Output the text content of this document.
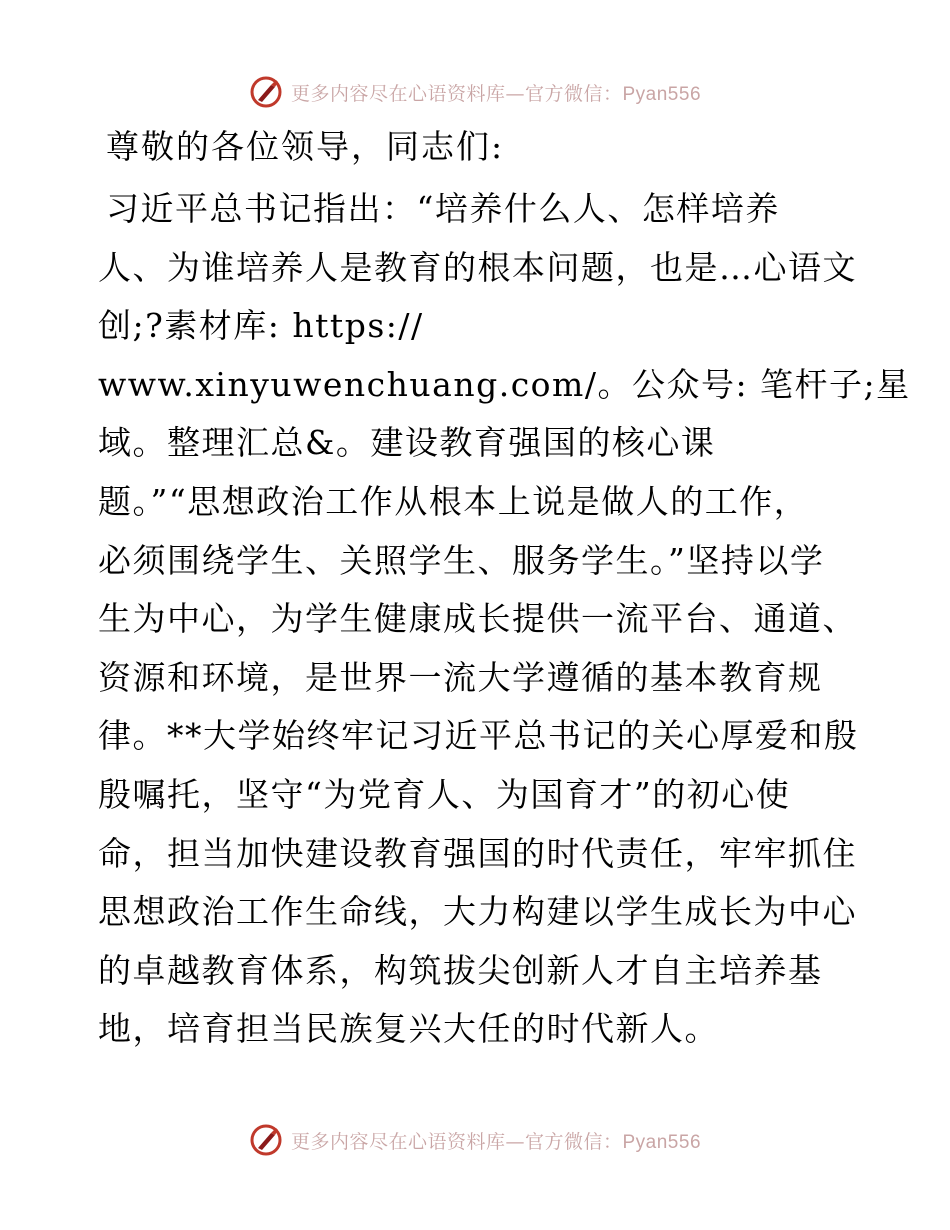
更多内容尽在心语资料库—官方微信：Pyan556

尊敬的各位领导，同志们:

习近平总书记指出：“培养什么人、怎样培养
人、为谁培养人是教育的根本问题，也是…心语文
创;?素材库: https://
www.xinyuwenchuang.com/。公众号: 笔杆子;星
域。整理汇总&。建设教育强国的核心课
题。”“思想政治工作从根本上说是做人的工作，
必须围绕学生、关照学生、服务学生。”坚持以学
生为中心，为学生健康成长提供一流平台、通道、
资源和环境，是世界一流大学遵循的基本教育规
律。**大学始终牢记习近平总书记的关心厚爱和殷
殷嘱托，坚守“为党育人、为国育才”的初心使
命，担当加快建设教育强国的时代责任，牢牢抓住
思想政治工作生命线，大力构建以学生成长为中心
的卓越教育体系，构筑拔尖创新人才自主培养基
地，培育担当民族复兴大任的时代新人。

更多内容尽在心语资料库—官方微信：Pyan556
